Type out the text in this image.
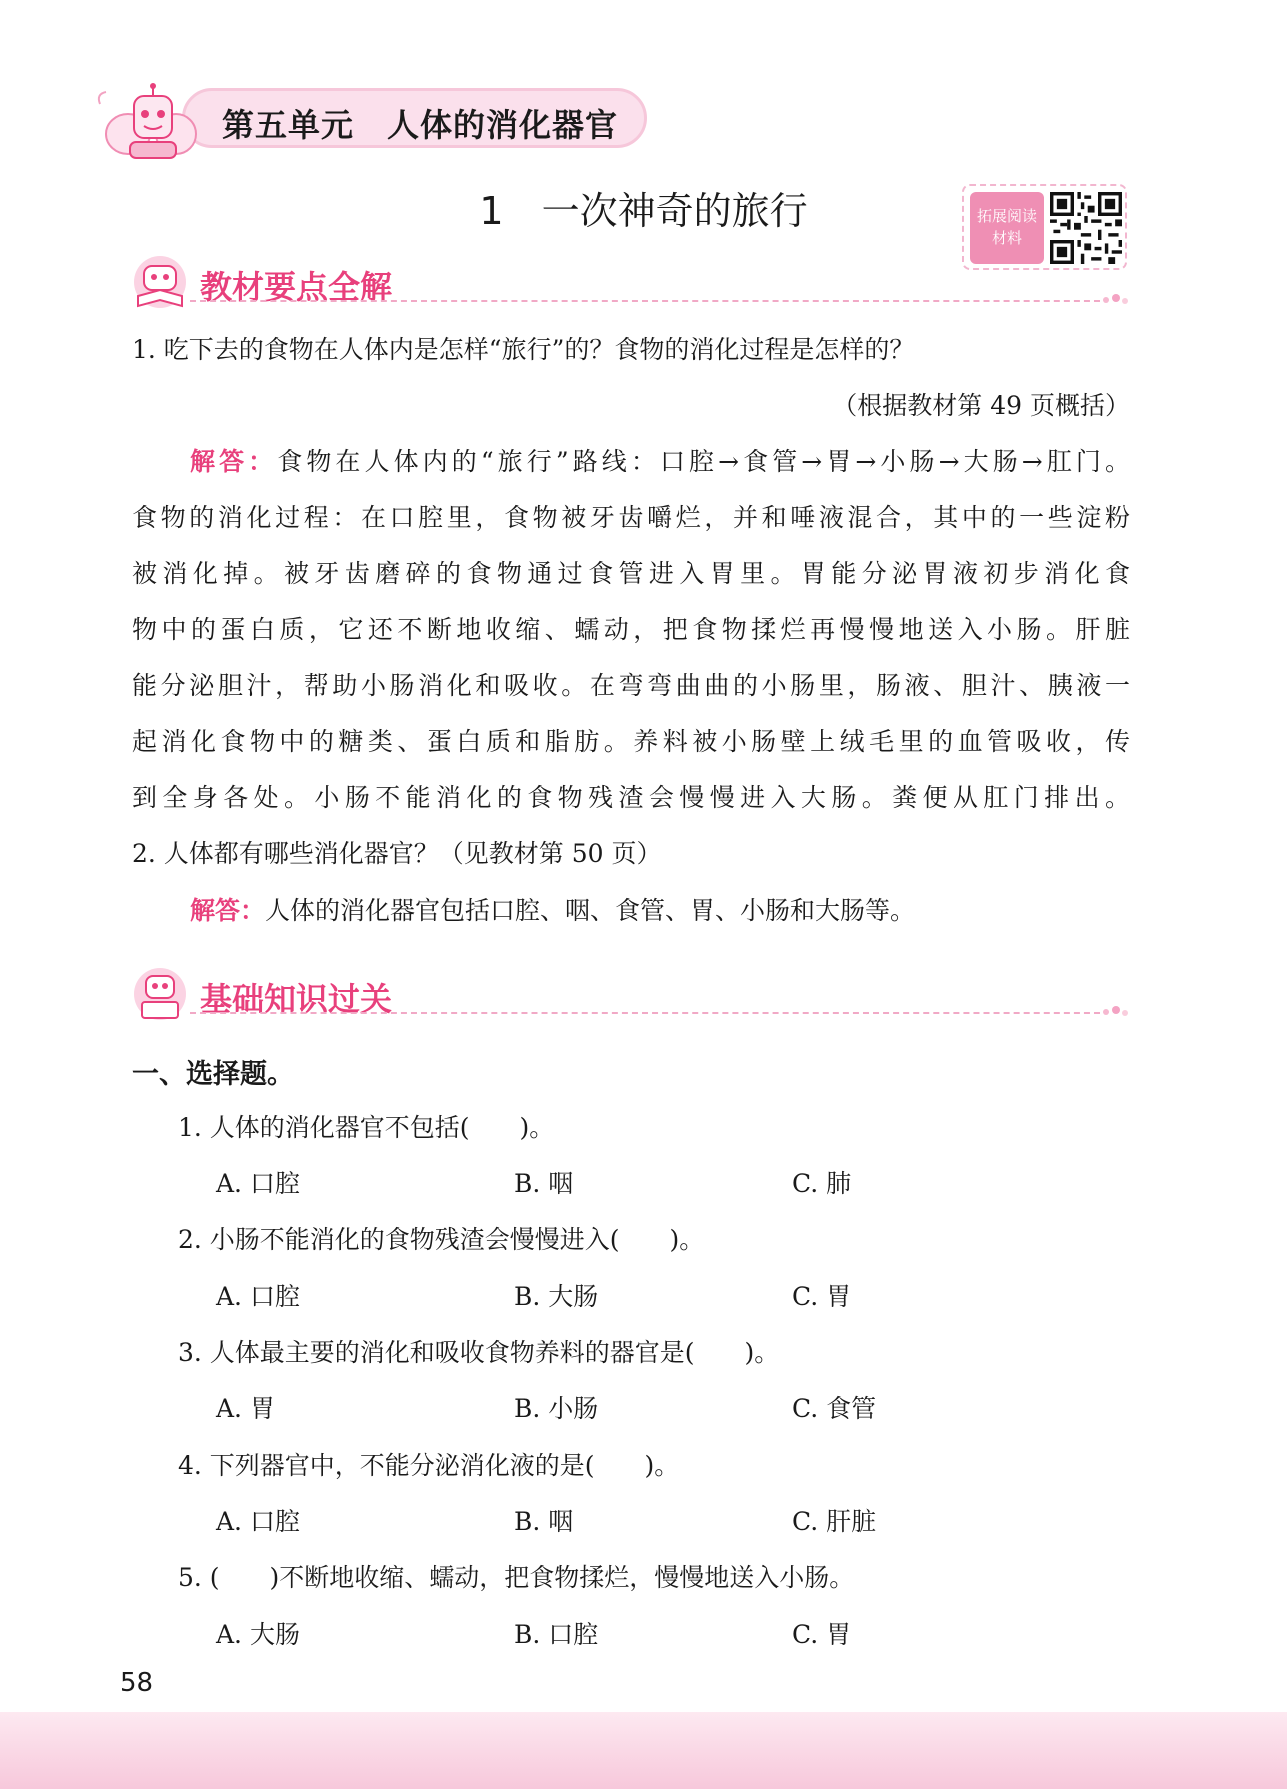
第五单元　人体的消化器官
1　一次神奇的旅行	拓展阅读材料
教材要点全解
1. 吃下去的食物在人体内是怎样“旅行”的？食物的消化过程是怎样的？
（根据教材第 49 页概括）
解答：食物在人体内的“旅行”路线：口腔→食管→胃→小肠→大肠→肛门。
食物的消化过程：在口腔里，食物被牙齿嚼烂，并和唾液混合，其中的一些淀粉
被消化掉。被牙齿磨碎的食物通过食管进入胃里。胃能分泌胃液初步消化食
物中的蛋白质，它还不断地收缩、蠕动，把食物揉烂再慢慢地送入小肠。肝脏
能分泌胆汁，帮助小肠消化和吸收。在弯弯曲曲的小肠里，肠液、胆汁、胰液一
起消化食物中的糖类、蛋白质和脂肪。养料被小肠壁上绒毛里的血管吸收，传
到全身各处。小肠不能消化的食物残渣会慢慢进入大肠。粪便从肛门排出。
2. 人体都有哪些消化器官？（见教材第 50 页）
解答：人体的消化器官包括口腔、咽、食管、胃、小肠和大肠等。
基础知识过关
一、选择题。
1. 人体的消化器官不包括(　　)。
A. 口腔	B. 咽	C. 肺
2. 小肠不能消化的食物残渣会慢慢进入(　　)。
A. 口腔	B. 大肠	C. 胃
3. 人体最主要的消化和吸收食物养料的器官是(　　)。
A. 胃	B. 小肠	C. 食管
4. 下列器官中，不能分泌消化液的是(　　)。
A. 口腔	B. 咽	C. 肝脏
5. (　　)不断地收缩、蠕动，把食物揉烂，慢慢地送入小肠。
A. 大肠	B. 口腔	C. 胃
58
